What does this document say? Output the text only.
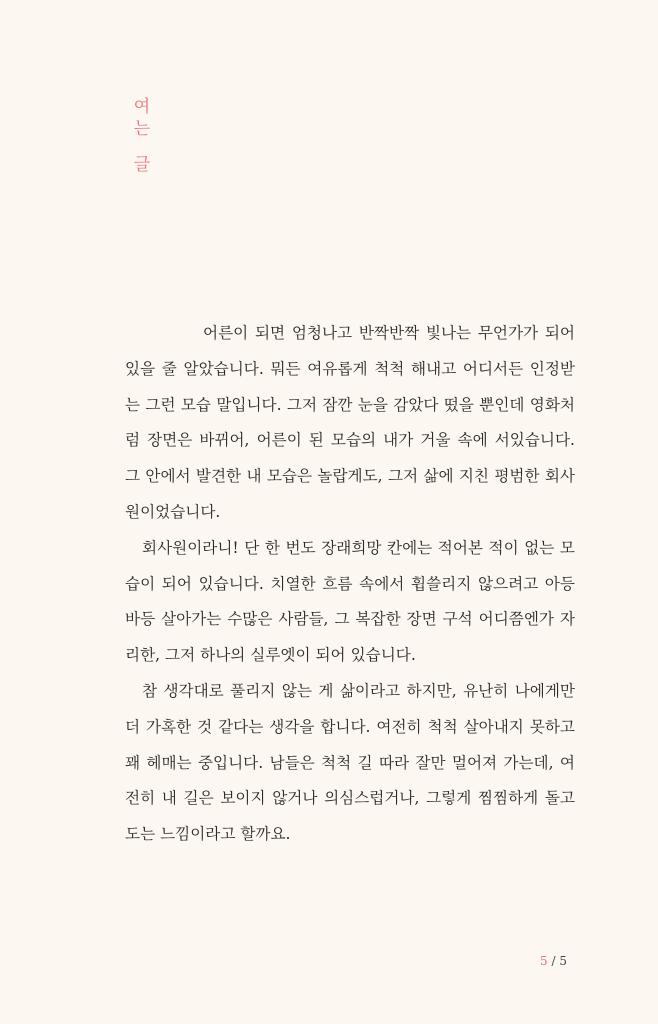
여
는
글

어른이 되면 엄청나고 반짝반짝 빛나는 무언가가 되어 있을 줄 알았습니다. 뭐든 여유롭게 척척 해내고 어디서든 인정받는 그런 모습 말입니다. 그저 잠깐 눈을 감았다 떴을 뿐인데 영화처럼 장면은 바뀌어, 어른이 된 모습의 내가 거울 속에 서있습니다. 그 안에서 발견한 내 모습은 놀랍게도, 그저 삶에 지친 평범한 회사원이었습니다.

회사원이라니! 단 한 번도 장래희망 칸에는 적어본 적이 없는 모습이 되어 있습니다. 치열한 흐름 속에서 휩쓸리지 않으려고 아등바등 살아가는 수많은 사람들, 그 복잡한 장면 구석 어디쯤엔가 자리한, 그저 하나의 실루엣이 되어 있습니다.

참 생각대로 풀리지 않는 게 삶이라고 하지만, 유난히 나에게만 더 가혹한 것 같다는 생각을 합니다. 여전히 척척 살아내지 못하고 꽤 헤매는 중입니다. 남들은 척척 길 따라 잘만 멀어져 가는데, 여전히 내 길은 보이지 않거나 의심스럽거나, 그렇게 찜찜하게 돌고 도는 느낌이라고 할까요.

5 / 5
